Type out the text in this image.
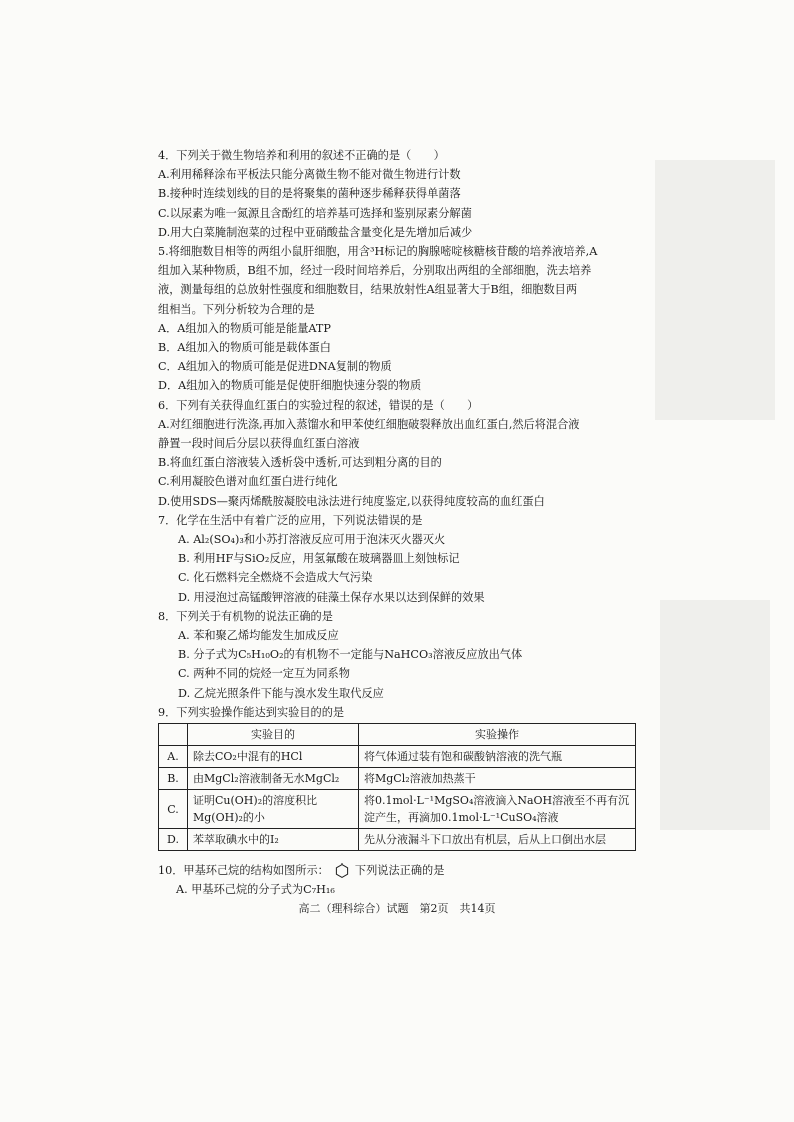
4．下列关于微生物培养和利用的叙述不正确的是（　　）
A.利用稀释涂布平板法只能分离微生物不能对微生物进行计数
B.接种时连续划线的目的是将聚集的菌种逐步稀释获得单菌落
C.以尿素为唯一氮源且含酚红的培养基可选择和鉴别尿素分解菌
D.用大白菜腌制泡菜的过程中亚硝酸盐含量变化是先增加后减少
5.将细胞数目相等的两组小鼠肝细胞，用含³H标记的胸腺嘧啶核糖核苷酸的培养液培养,A
组加入某种物质，B组不加，经过一段时间培养后，分别取出两组的全部细胞，洗去培养
液，测量每组的总放射性强度和细胞数目，结果放射性A组显著大于B组，细胞数目两
组相当。下列分析较为合理的是
A．A组加入的物质可能是能量ATP
B．A组加入的物质可能是载体蛋白
C．A组加入的物质可能是促进DNA复制的物质
D．A组加入的物质可能是促使肝细胞快速分裂的物质
6．下列有关获得血红蛋白的实验过程的叙述，错误的是（　　）
A.对红细胞进行洗涤,再加入蒸馏水和甲苯使红细胞破裂释放出血红蛋白,然后将混合液
静置一段时间后分层以获得血红蛋白溶液
B.将血红蛋白溶液装入透析袋中透析,可达到粗分离的目的
C.利用凝胶色谱对血红蛋白进行纯化
D.使用SDS—聚丙烯酰胺凝胶电泳法进行纯度鉴定,以获得纯度较高的血红蛋白
7．化学在生活中有着广泛的应用，下列说法错误的是
A. Al₂(SO₄)₃和小苏打溶液反应可用于泡沫灭火器灭火
B. 利用HF与SiO₂反应，用氢氟酸在玻璃器皿上刻蚀标记
C. 化石燃料完全燃烧不会造成大气污染
D. 用浸泡过高锰酸钾溶液的硅藻土保存水果以达到保鲜的效果
8．下列关于有机物的说法正确的是
A. 苯和聚乙烯均能发生加成反应
B. 分子式为C₅H₁₀O₂的有机物不一定能与NaHCO₃溶液反应放出气体
C. 两种不同的烷烃一定互为同系物
D. 乙烷光照条件下能与溴水发生取代反应
9．下列实验操作能达到实验目的的是
	实验目的	实验操作
A.	除去CO₂中混有的HCl	将气体通过装有饱和碳酸钠溶液的洗气瓶
B.	由MgCl₂溶液制备无水MgCl₂	将MgCl₂溶液加热蒸干
C.	证明Cu(OH)₂的溶度积比Mg(OH)₂的小	将0.1mol·L⁻¹MgSO₄溶液滴入NaOH溶液至不再有沉淀产生，再滴加0.1mol·L⁻¹CuSO₄溶液
D.	苯萃取碘水中的I₂	先从分液漏斗下口放出有机层，后从上口倒出水层
10．甲基环己烷的结构如图所示： 下列说法正确的是
A. 甲基环己烷的分子式为C₇H₁₆
高二（理科综合）试题　第2页　共14页
